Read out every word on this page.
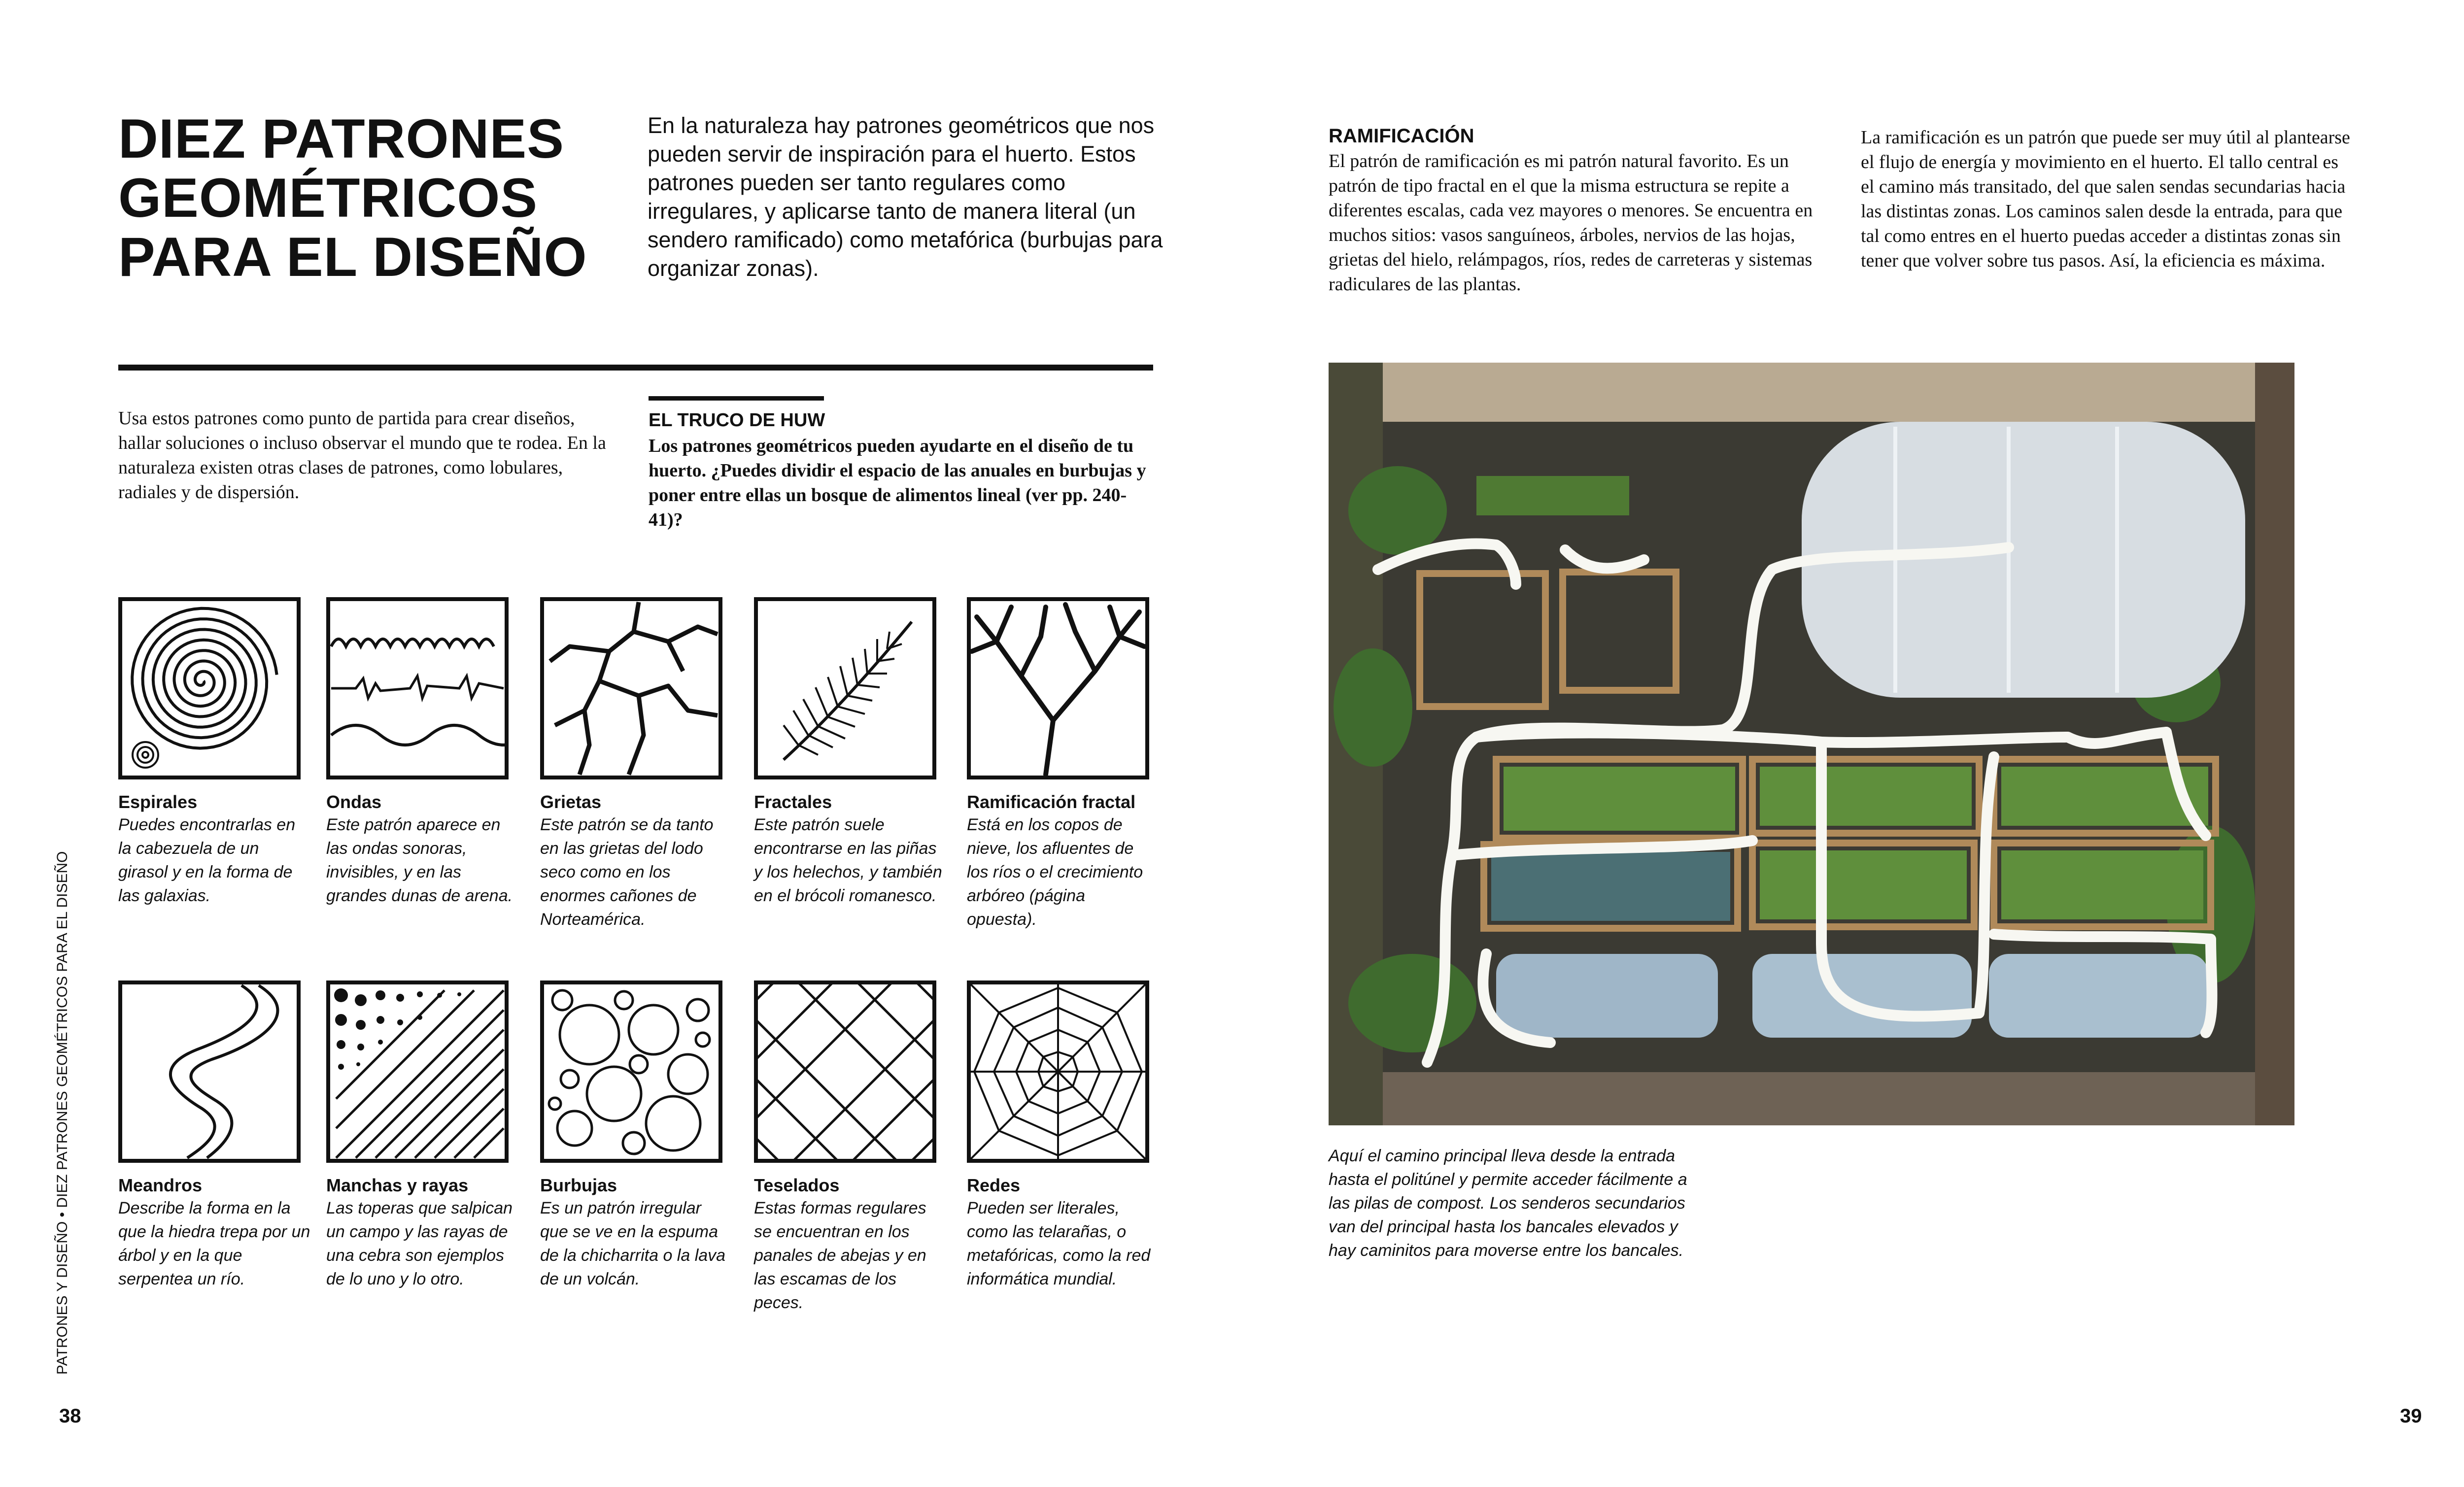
DIEZ PATRONES
GEOMÉTRICOS
PARA EL DISEÑO

En la naturaleza hay patrones geométricos que nos pueden servir de inspiración para el huerto. Estos patrones pueden ser tanto regulares como irregulares, y aplicarse tanto de manera literal (un sendero ramificado) como metafórica (burbujas para organizar zonas).

Usa estos patrones como punto de partida para crear diseños, hallar soluciones o incluso observar el mundo que te rodea. En la naturaleza existen otras clases de patrones, como lobulares, radiales y de dispersión.
EL TRUCO DE HUW
Los patrones geométricos pueden ayudarte en el diseño de tu huerto. ¿Puedes dividir el espacio de las anuales en burbujas y poner entre ellas un bosque de alimentos lineal (ver pp. 240-41)?
Espirales
Puedes encontrarlas en la cabezuela de un girasol y en la forma de las galaxias.
Ondas
Este patrón aparece en las ondas sonoras, invisibles, y en las grandes dunas de arena.
Grietas
Este patrón se da tanto en las grietas del lodo seco como en los enormes cañones de Norteamérica.
Fractales
Este patrón suele encontrarse en las piñas y los helechos, y también en el brócoli romanesco.
Ramificación fractal
Está en los copos de nieve, los afluentes de los ríos o el crecimiento arbóreo (página opuesta).
Meandros
Describe la forma en la que la hiedra trepa por un árbol y en la que serpentea un río.
Manchas y rayas
Las toperas que salpican un campo y las rayas de una cebra son ejemplos de lo uno y lo otro.
Burbujas
Es un patrón irregular que se ve en la espuma de la chicharrita o la lava de un volcán.
Teselados
Estas formas regulares se encuentran en los panales de abejas y en las escamas de los peces.
Redes
Pueden ser literales, como las telarañas, o metafóricas, como la red informática mundial.
PATRONES Y DISEÑO • DIEZ PATRONES GEOMÉTRICOS PARA EL DISEÑO
38
RAMIFICACIÓN
El patrón de ramificación es mi patrón natural favorito. Es un patrón de tipo fractal en el que la misma estructura se repite a diferentes escalas, cada vez mayores o menores. Se encuentra en muchos sitios: vasos sanguíneos, árboles, nervios de las hojas, grietas del hielo, relámpagos, ríos, redes de carreteras y sistemas radiculares de las plantas.
La ramificación es un patrón que puede ser muy útil al plantearse el flujo de energía y movimiento en el huerto. El tallo central es el camino más transitado, del que salen sendas secundarias hacia las distintas zonas. Los caminos salen desde la entrada, para que tal como entres en el huerto puedas acceder a distintas zonas sin tener que volver sobre tus pasos. Así, la eficiencia es máxima.
Aquí el camino principal lleva desde la entrada hasta el politúnel y permite acceder fácilmente a las pilas de compost. Los senderos secundarios van del principal hasta los bancales elevados y hay caminitos para moverse entre los bancales.
39
